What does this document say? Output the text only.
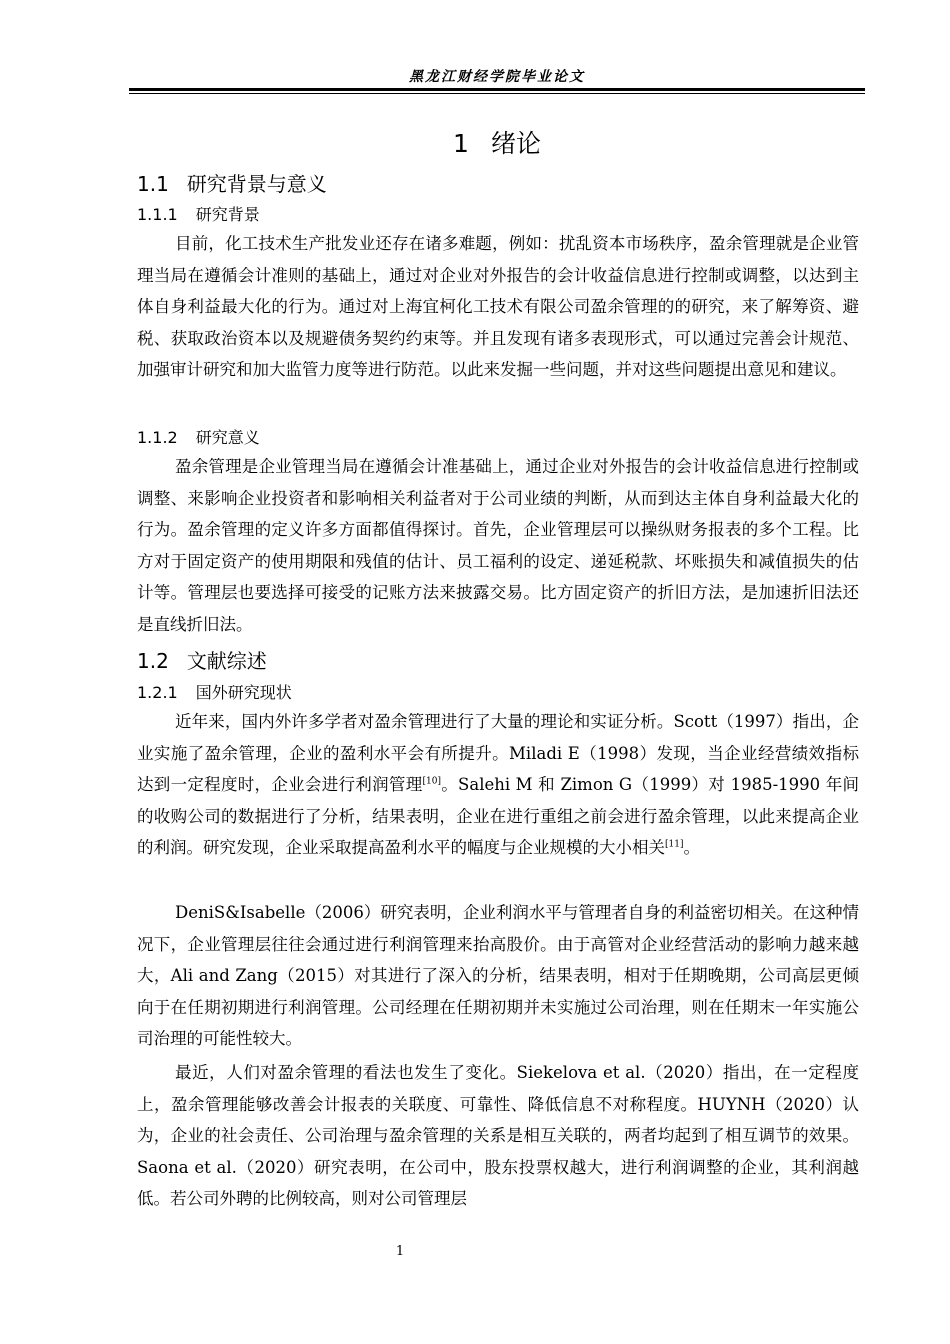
黑龙江财经学院毕业论文
1 绪论
1.1 研究背景与意义
1.1.1 研究背景

目前，化工技术生产批发业还存在诸多难题，例如：扰乱资本市场秩序，盈余管理就是企业管理当局在遵循会计准则的基础上，通过对企业对外报告的会计收益信息进行控制或调整，以达到主体自身利益最大化的行为。通过对上海宜柯化工技术有限公司盈余管理的的研究，来了解筹资、避税、获取政治资本以及规避债务契约约束等。并且发现有诸多表现形式，可以通过完善会计规范、加强审计研究和加大监管力度等进行防范。以此来发掘一些问题，并对这些问题提出意见和建议。

1.1.2 研究意义

盈余管理是企业管理当局在遵循会计准基础上，通过企业对外报告的会计收益信息进行控制或调整、来影响企业投资者和影响相关利益者对于公司业绩的判断，从而到达主体自身利益最大化的行为。盈余管理的定义许多方面都值得探讨。首先，企业管理层可以操纵财务报表的多个工程。比方对于固定资产的使用期限和残值的估计、员工福利的设定、递延税款、坏账损失和减值损失的估计等。管理层也要选择可接受的记账方法来披露交易。比方固定资产的折旧方法，是加速折旧法还是直线折旧法。

1.2 文献综述
1.2.1 国外研究现状

近年来，国内外许多学者对盈余管理进行了大量的理论和实证分析。Scott（1997）指出，企业实施了盈余管理，企业的盈利水平会有所提升。Miladi E（1998）发现，当企业经营绩效指标达到一定程度时，企业会进行利润管理[10]。Salehi M 和 Zimon G（1999）对 1985-1990 年间的收购公司的数据进行了分析，结果表明，企业在进行重组之前会进行盈余管理，以此来提高企业的利润。研究发现，企业采取提高盈利水平的幅度与企业规模的大小相关[11]。

DeniS&Isabelle（2006）研究表明，企业利润水平与管理者自身的利益密切相关。在这种情况下，企业管理层往往会通过进行利润管理来抬高股价。由于高管对企业经营活动的影响力越来越大，Ali and Zang（2015）对其进行了深入的分析，结果表明，相对于任期晚期，公司高层更倾向于在任期初期进行利润管理。公司经理在任期初期并未实施过公司治理，则在任期末一年实施公司治理的可能性较大。

最近，人们对盈余管理的看法也发生了变化。Siekelova et al.（2020）指出，在一定程度上，盈余管理能够改善会计报表的关联度、可靠性、降低信息不对称程度。HUYNH（2020）认为，企业的社会责任、公司治理与盈余管理的关系是相互关联的，两者均起到了相互调节的效果。Saona et al.（2020）研究表明，在公司中，股东投票权越大，进行利润调整的企业，其利润越低。若公司外聘的比例较高，则对公司管理层

1
